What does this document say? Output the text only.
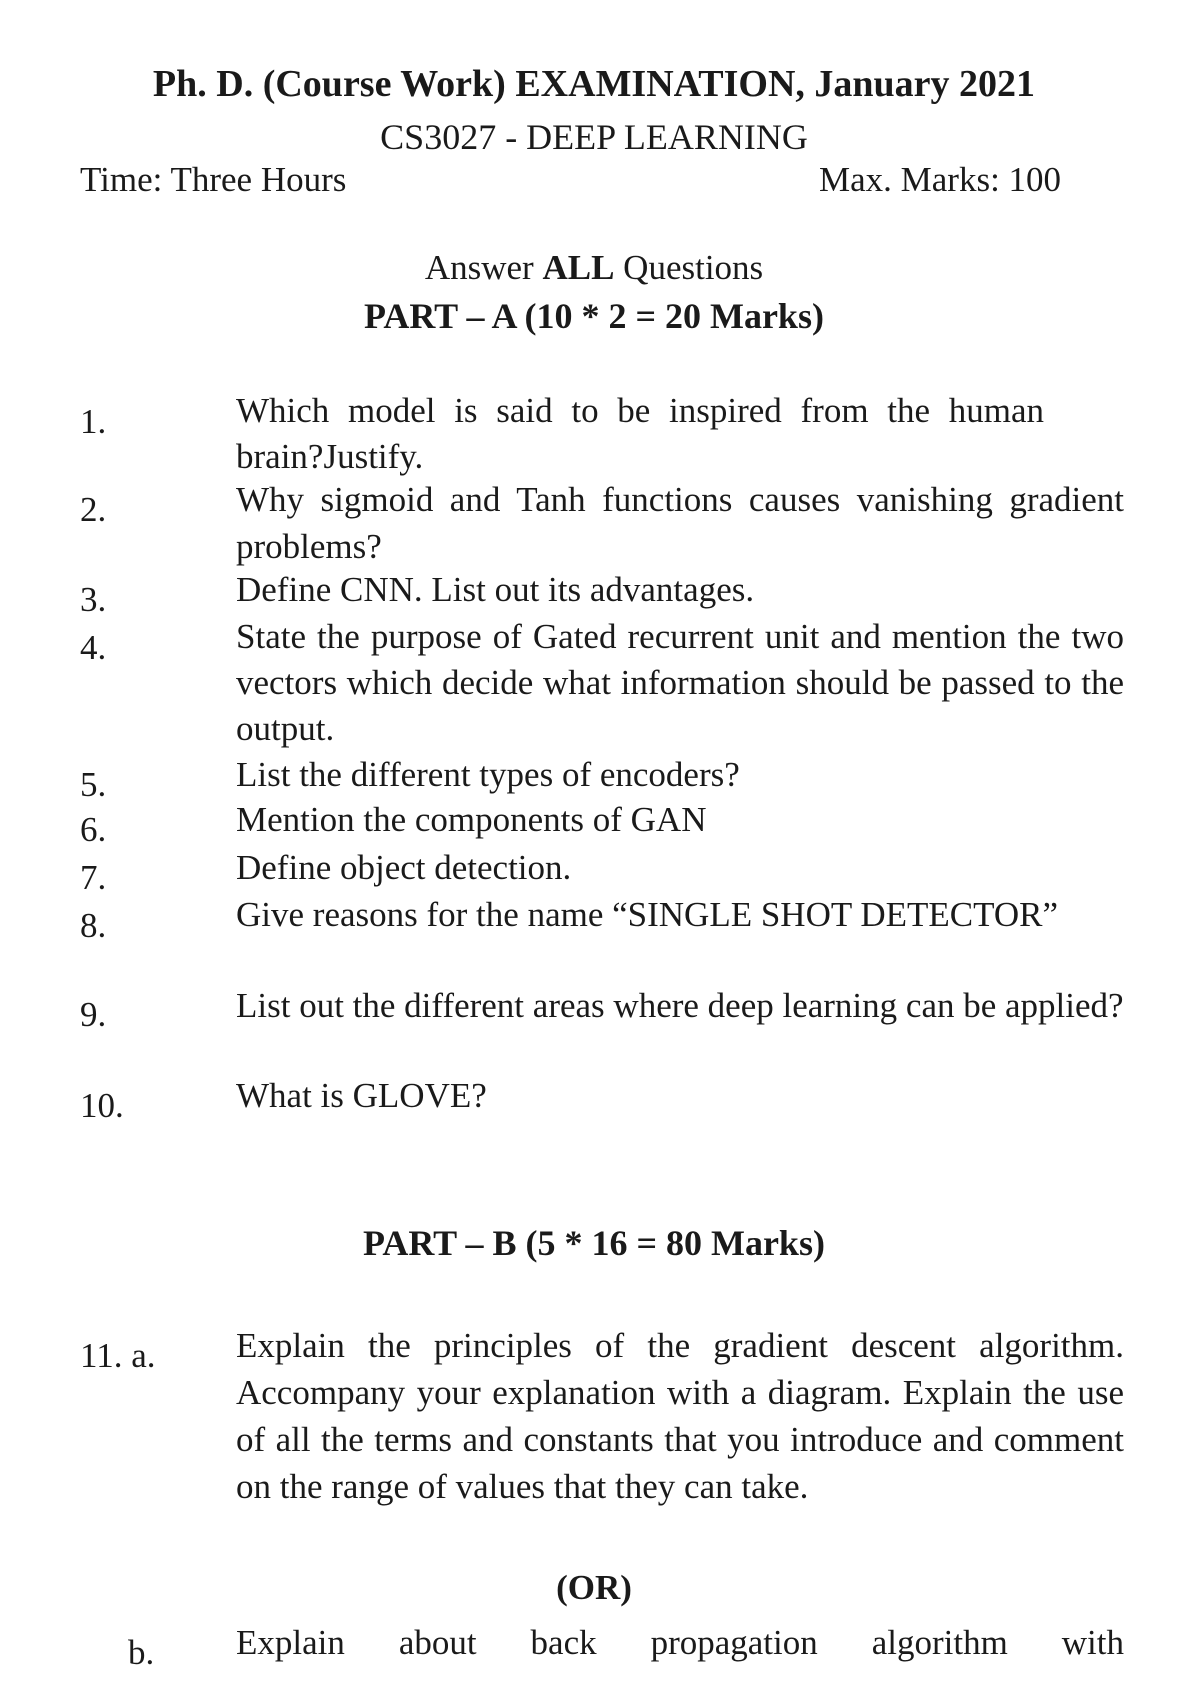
Ph. D. (Course Work) EXAMINATION, January 2021
CS3027 - DEEP LEARNING
Time: Three Hours	Max. Marks: 100
Answer ALL Questions
PART – A (10 * 2 = 20 Marks)
1.	Which model is said to be inspired from the human brain?Justify.
2.	Why sigmoid and Tanh functions causes vanishing gradient problems?
3.	Define CNN. List out its advantages.
4.	State the purpose of Gated recurrent unit and mention the two vectors which decide what information should be passed to the output.
5.	List the different types of encoders?
6.	Mention the components of GAN
7.	Define object detection.
8.	Give reasons for the name “SINGLE SHOT DETECTOR”
9.	List out the different areas where deep learning can be applied?
10.	What is GLOVE?
PART – B (5 * 16 = 80 Marks)
11. a. Explain the principles of the gradient descent algorithm. Accompany your explanation with a diagram. Explain the use of all the terms and constants that you introduce and comment on the range of values that they can take.
(OR)
b. Explain about back propagation algorithm with
